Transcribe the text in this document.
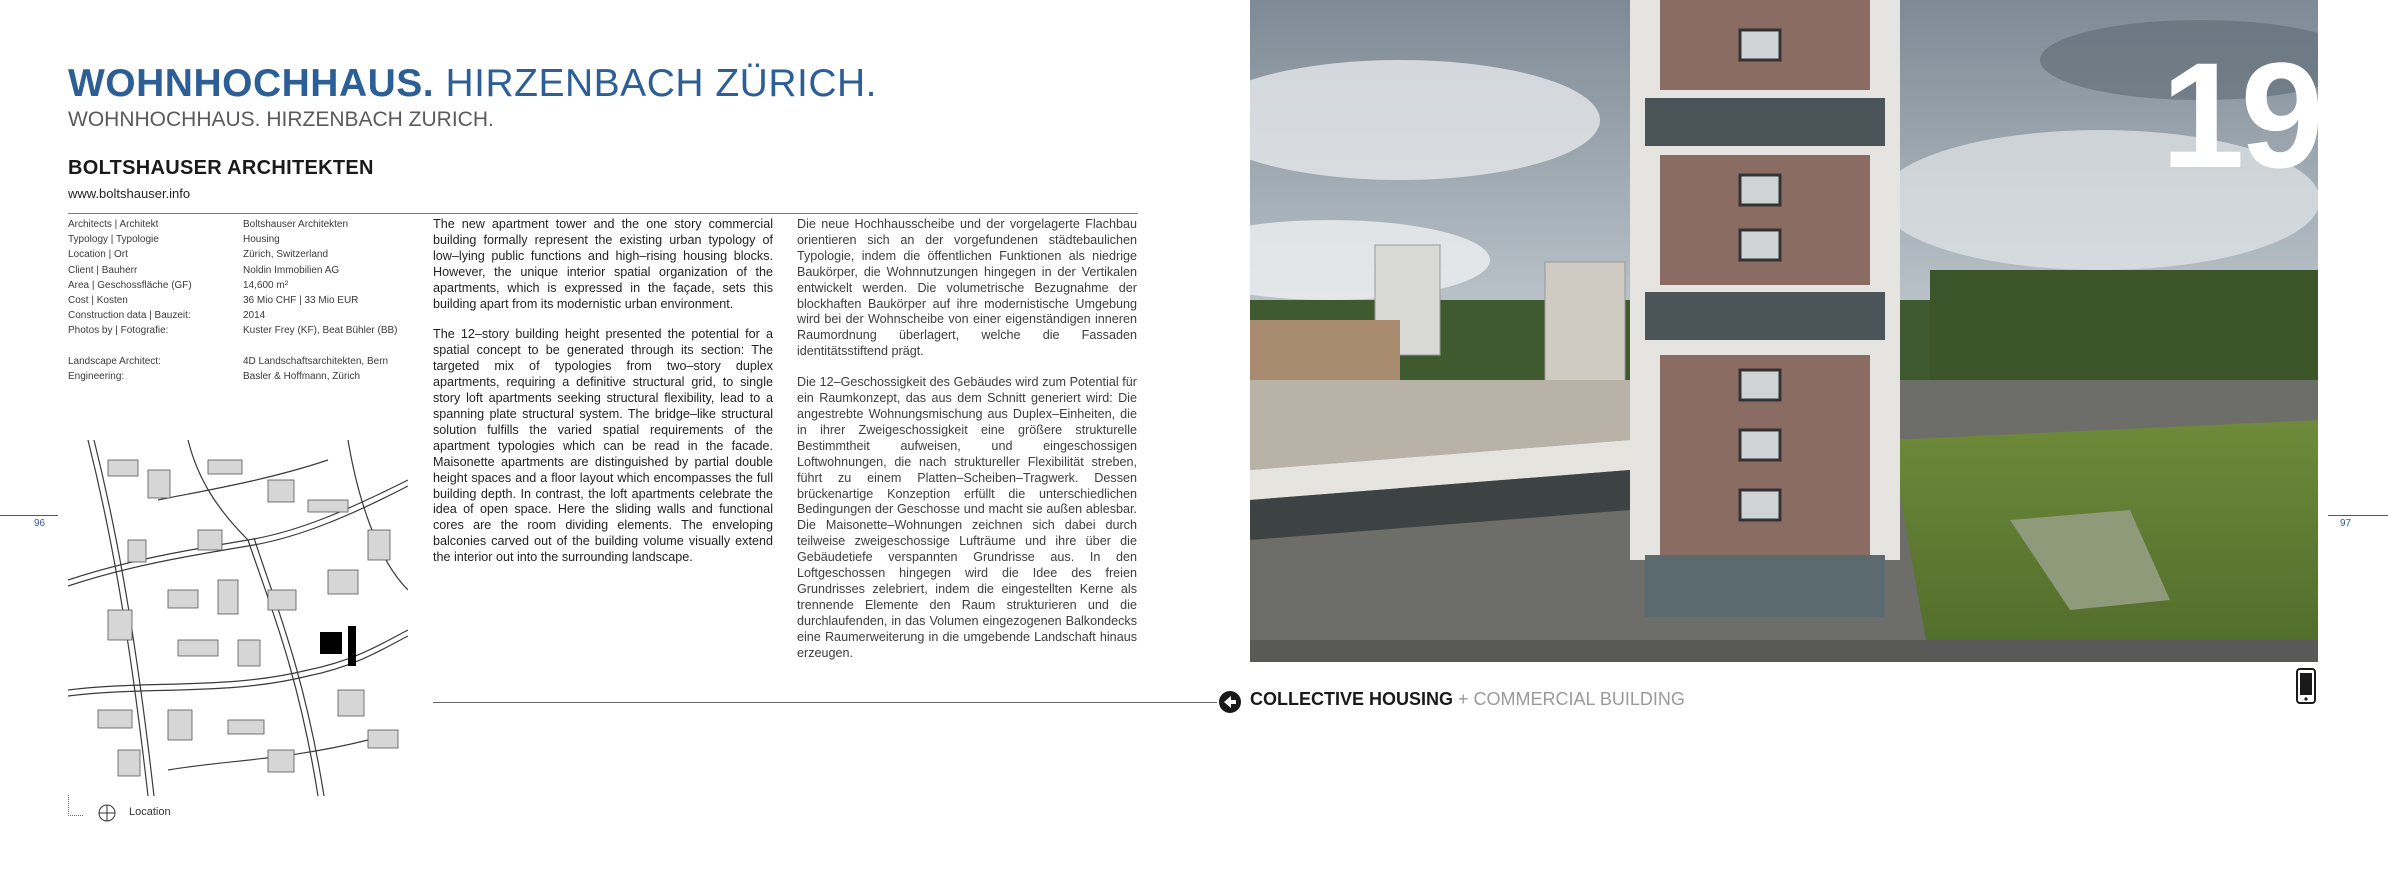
WOHNHOCHHAUS. HIRZENBACH ZÜRICH.
WOHNHOCHHAUS. HIRZENBACH ZURICH.
BOLTSHAUSER ARCHITEKTEN
www.boltshauser.info
Architects | Architekt	Boltshauser Architekten
Typology | Typologie	Housing
Location | Ort	Zürich, Switzerland
Client | Bauherr	Noldin Immobilien AG
Area | Geschossfläche (GF)	14,600 m²
Cost | Kosten	36 Mio CHF | 33 Mio EUR
Construction data | Bauzeit:	2014
Photos by | Fotografie:	Kuster Frey (KF), Beat Bühler (BB)
Landscape Architect:	4D Landschaftsarchitekten, Bern
Engineering:	Basler & Hoffmann, Zürich

The new apartment tower and the one story commercial building formally represent the existing urban typology of low–lying public functions and high–rising housing blocks. However, the unique interior spatial organization of the apartments, which is expressed in the façade, sets this building apart from its modernistic urban environment.

The 12–story building height presented the potential for a spatial concept to be generated through its section: The targeted mix of typologies from two–story duplex apartments, requiring a definitive structural grid, to single story loft apartments seeking structural flexibility, lead to a spanning plate structural system. The bridge–like structural solution fulfills the varied spatial requirements of the apartment typologies which can be read in the facade. Maisonette apartments are distinguished by partial double height spaces and a floor layout which encompasses the full building depth. In contrast, the loft apartments celebrate the idea of open space. Here the sliding walls and functional cores are the room dividing elements. The enveloping balconies carved out of the building volume visually extend the interior out into the surrounding landscape.

Die neue Hochhausscheibe und der vorgelagerte Flachbau orientieren sich an der vorgefundenen städtebaulichen Typologie, indem die öffentlichen Funktionen als niedrige Baukörper, die Wohnnutzungen hingegen in der Vertikalen entwickelt werden. Die volumetrische Bezugnahme der blockhaften Baukörper auf ihre modernistische Umgebung wird bei der Wohnscheibe von einer eigenständigen inneren Raumordnung überlagert, welche die Fassaden identitätsstiftend prägt.

Die 12–Geschossigkeit des Gebäudes wird zum Potential für ein Raumkonzept, das aus dem Schnitt generiert wird: Die angestrebte Wohnungsmischung aus Duplex–Einheiten, die in ihrer Zweigeschossigkeit eine größere strukturelle Bestimmtheit aufweisen, und eingeschossigen Loftwohnungen, die nach struktureller Flexibilität streben, führt zu einem Platten–Scheiben–Tragwerk. Dessen brückenartige Konzeption erfüllt die unterschiedlichen Bedingungen der Geschosse und macht sie außen ablesbar. Die Maisonette–Wohnungen zeichnen sich dabei durch teilweise zweigeschossige Lufträume und ihre über die Gebäudetiefe verspannten Grundrisse aus. In den Loftgeschossen hingegen wird die Idee des freien Grundrisses zelebriert, indem die eingestellten Kerne als trennende Elemente den Raum strukturieren und die durchlaufenden, in das Volumen eingezogenen Balkondecks eine Raumerweiterung in die umgebende Landschaft hinaus erzeugen.

Location
96
19
COLLECTIVE HOUSING + COMMERCIAL BUILDING
97
